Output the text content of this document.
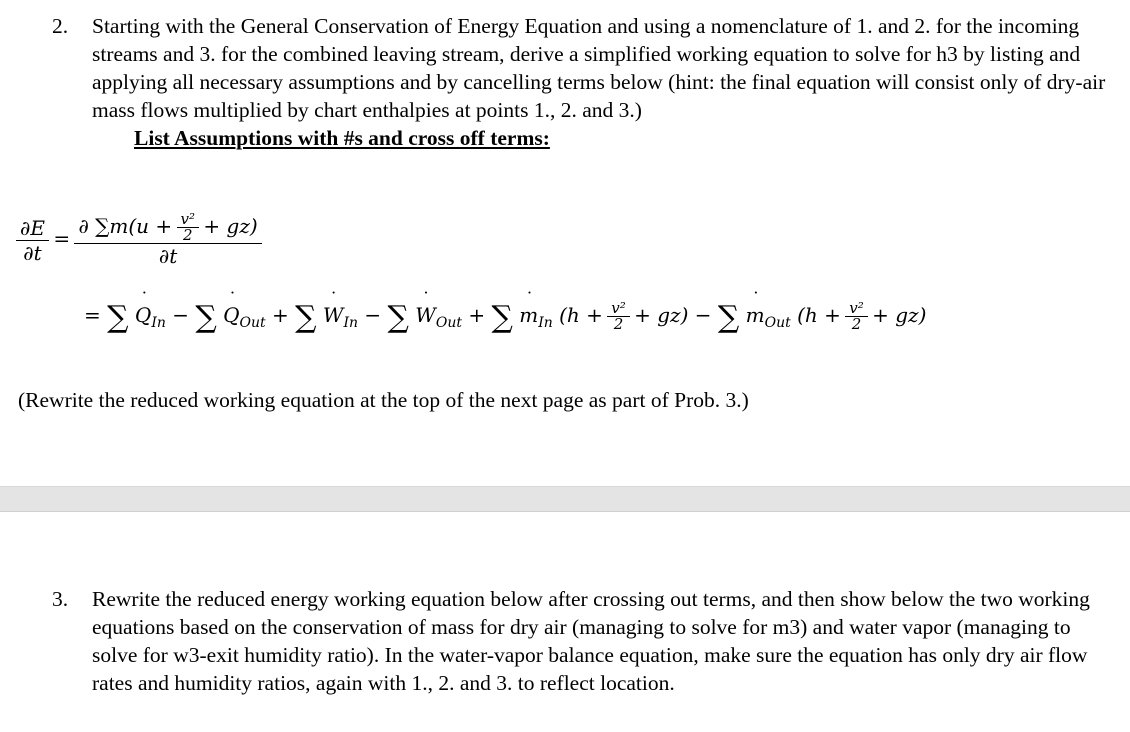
2. Starting with the General Conservation of Energy Equation and using a nomenclature of 1. and 2. for the incoming streams and 3. for the combined leaving stream, derive a simplified working equation to solve for h3 by listing and applying all necessary assumptions and by cancelling terms below (hint: the final equation will consist only of dry-air mass flows multiplied by chart enthalpies at points 1., 2. and 3.)
List Assumptions with #s and cross off terms:
$\frac{\partial E}{\partial t} = \frac{\partial \sum m(u + \frac{\text{v²}}{2} + gz)}{\partial t}$
= ∑ ˙ $Q_{In}$ − ∑ ˙ $Q_{Out}$ + ∑ ˙ $W_{In}$ − ∑ ˙ $W_{Out}$ + ∑ ˙ $m_{In}$ $(h + \frac{\text{v²}}{2} + gz)$ − ∑ ˙ $m_{Out}$ $(h + \frac{\text{v²}}{2} + gz)$
(Rewrite the reduced working equation at the top of the next page as part of Prob. 3.)
3. Rewrite the reduced energy working equation below after crossing out terms, and then show below the two working equations based on the conservation of mass for dry air (managing to solve for m3) and water vapor (managing to solve for w3-exit humidity ratio). In the water-vapor balance equation, make sure the equation has only dry air flow rates and humidity ratios, again with 1., 2. and 3. to reflect location.
